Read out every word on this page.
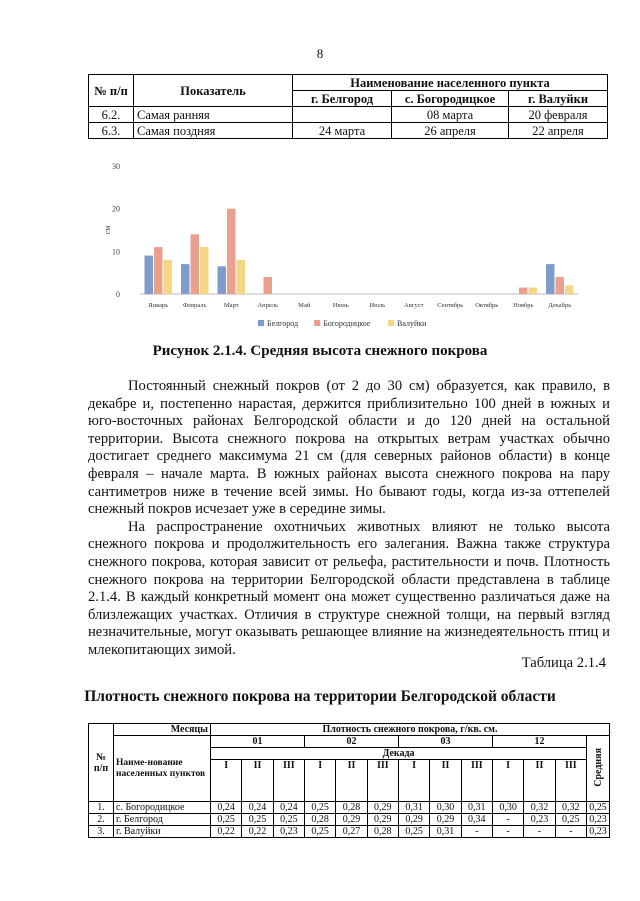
8
№ п/п	Показатель	Наименование населенного пункта		
		г. Белгород	с. Богородицкое	г. Валуйки
6.2.	Самая ранняя		08 марта	20 февраля
6.3.	Самая поздняя	24 марта	26 апреля	22 апреля
0
10
20
30
см
Январь Февраль	Март	Апрель	Май	Июнь	Июль	Август Сентябрь Октябрь Ноябрь Декабрь
Белгород	Богородицкое	Валуйки
Рисунок 2.1.4. Средняя высота снежного покрова

Постоянный снежный покров (от 2 до 30 см) образуется, как правило, в декабре и, постепенно нарастая, держится приблизительно 100 дней в южных и юго-восточных районах Белгородской области и до 120 дней на остальной территории. Высота снежного покрова на открытых ветрам участках обычно достигает среднего максимума 21 см (для северных районов области) в конце февраля – начале марта. В южных районах высота снежного покрова на пару сантиметров ниже в течение всей зимы. Но бывают годы, когда из-за оттепелей снежный покров исчезает уже в середине зимы.

На распространение охотничьих животных влияют не только высота снежного покрова и продолжительность его залегания. Важна также структура снежного покрова, которая зависит от рельефа, растительности и почв. Плотность снежного покрова на территории Белгородской области представлена в таблице 2.1.4. В каждый конкретный момент она может существенно различаться даже на близлежащих участках. Отличия в структуре снежной толщи, на первый взгляд незначительные, могут оказывать решающее влияние на жизнедеятельность птиц и млекопитающих зимой.

Таблица 2.1.4
Плотность снежного покрова на территории Белгородской области
№ п/п	Месяцы	Плотность снежного покрова, г/кв. см.												
	Наиме-нование населенных пунктов	01			02			03			12			Средняя
		Декада												
		I	II	III	I	II	III	I	II	III	I	II	III	
1.	с. Богородицкое	0,24	0,24	0,24	0,25	0,28	0,29	0,31	0,30	0,31	0,30	0,32	0,32	0,25
2.	г. Белгород	0,25	0,25	0,25	0,28	0,29	0,29	0,29	0,29	0,34	-	0,23	0,25	0,23
3.	г. Валуйки	0,22	0,22	0,23	0,25	0,27	0,28	0,25	0,31	-	-	-	-	0,23
